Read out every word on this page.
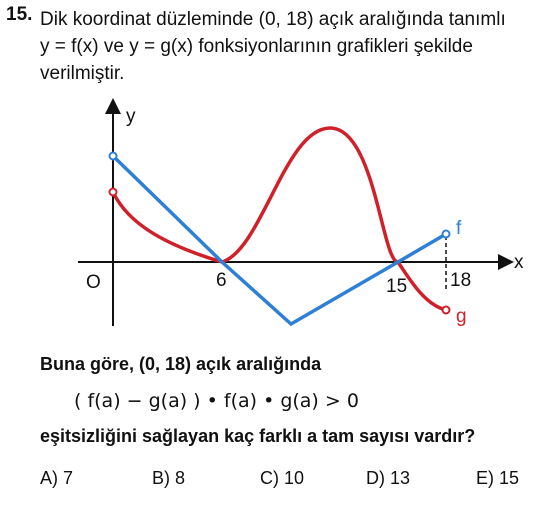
15. Dik koordinat düzleminde (0, 18) açık aralığında tanımlı
y = f(x) ve y = g(x) fonksiyonlarının grafikleri şekilde
verilmiştir.
y
x
O	6	15 18
f
g
Buna göre, (0, 18) açık aralığında
( f(a) − g(a) ) • f(a) • g(a) > 0
eşitsizliğini sağlayan kaç farklı a tam sayısı vardır?
A) 7	B) 8	C) 10	D) 13	E) 15
